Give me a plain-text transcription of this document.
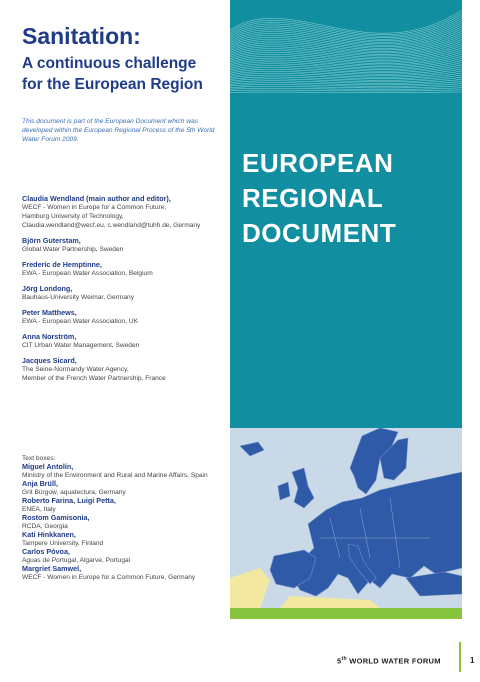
Sanitation:
A continuous challenge
for the European Region

This document is part of the European Document which was developed within the European Regional Process of the 5th World Water Forum 2009.

Claudia Wendland (main author and editor),
WECF - Women in Europe for a Common Future,
Hamburg University of Technology,
Claudia.wendland@wecf.eu, c.wendland@tuhh.de, Germany
Björn Guterstam,
Global Water Partnership, Sweden
Frederic de Hemptinne,
EWA - European Water Association, Belgium
Jörg Londong,
Bauhaus-University Weimar, Germany
Peter Matthews,
EWA - European Water Association, UK
Anna Norström,
CIT Urban Water Management, Sweden
Jacques Sicard,
The Seine-Normandy Water Agency,
Member of the French Water Partnership, France
Text boxes:
Miguel Antolín,
Ministry of the Environment and Rural and Marine Affairs, Spain
Anja Brüll,
Grit Bürgow, aquatectura, Germany
Roberto Farina, Luigi Petta,
ENEA, Italy
Rostom Gamisonia,
RCDA, Georgia
Kati Hinkkanen,
Tampere University, Finland
Carlos Póvoa,
Aguas de Portugal, Algarve, Portugal
Margriet Samwel,
WECF - Women in Europe for a Common Future, Germany
EUROPEAN
REGIONAL
DOCUMENT
5th WORLD WATER FORUM	1
